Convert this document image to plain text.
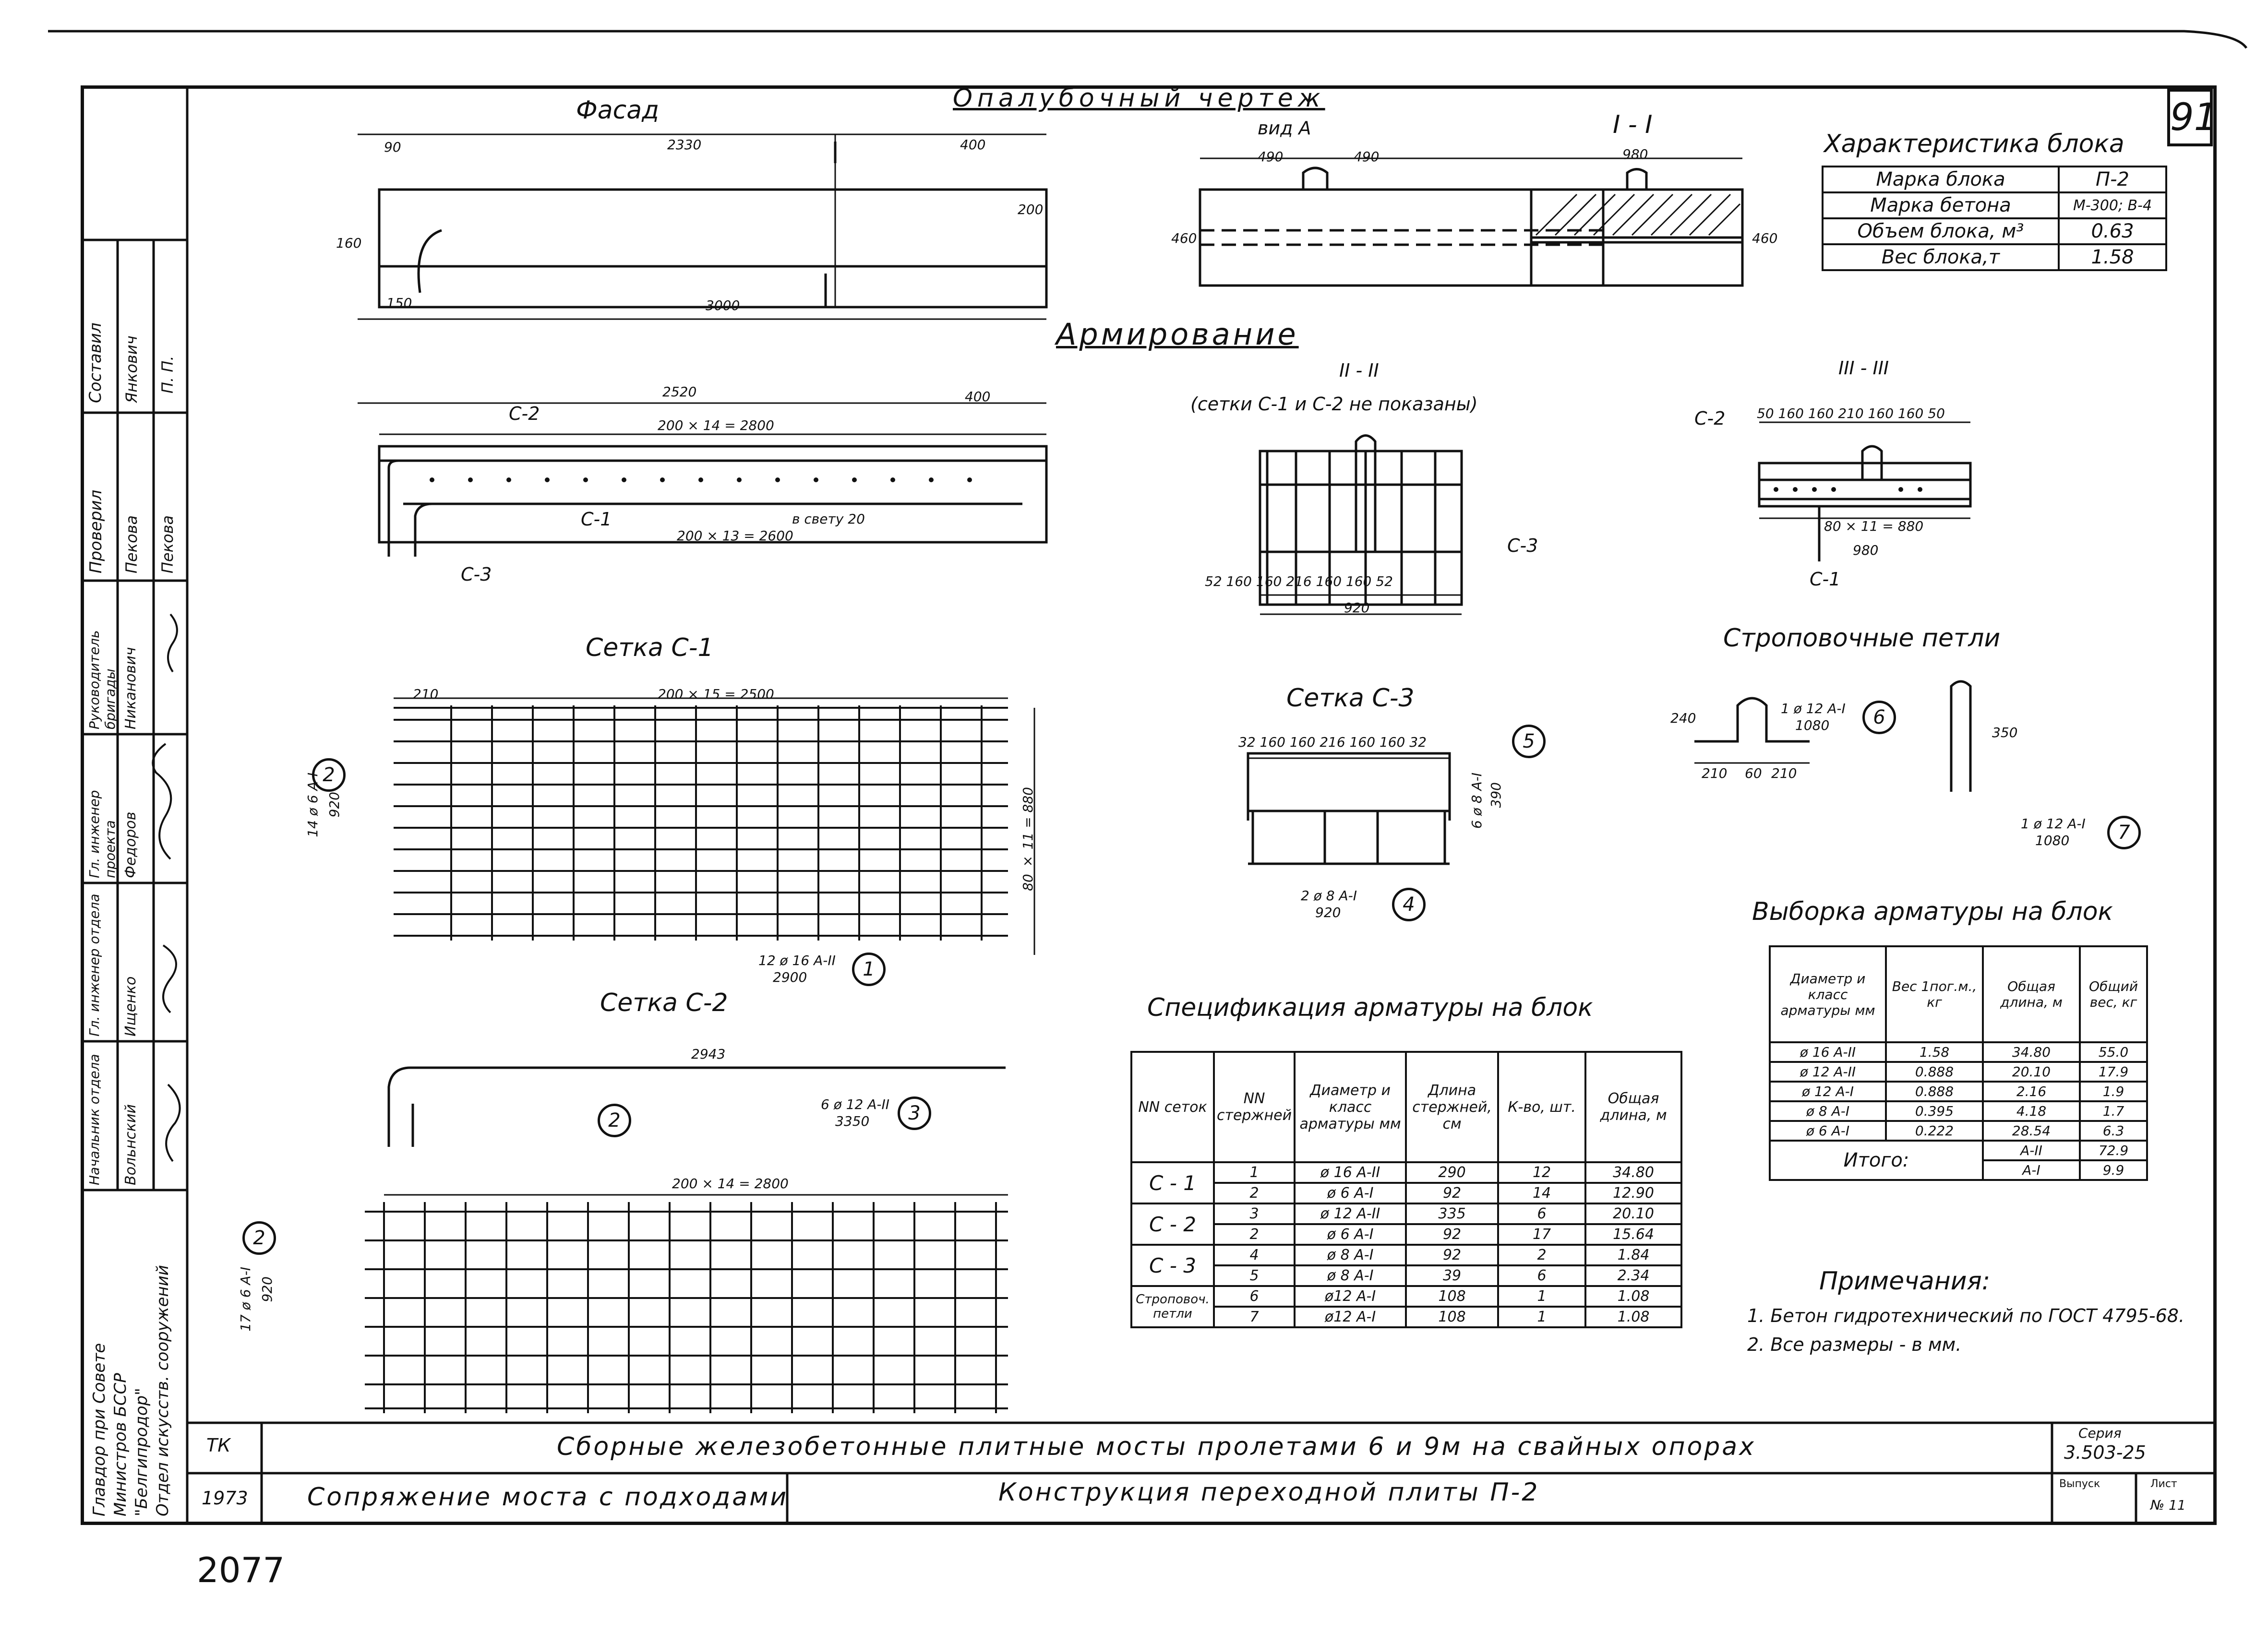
91
Фасад	Опалубочный чертеж
вид А	I - I
Армирование
II - II
(сетки С-1 и С-2 не показаны)
III - III
Сетка С-1
Сетка С-2
Сетка С-3
Строповочные петли
2330	400
90
3000
160
200
150
490	490
460
980
460
2520	400
200 × 14 = 2800
200 × 13 = 2600
в свету 20
С-2
С-1
С-3	52 160 160 216 160 160 52
920
С-3
50 160 160 210 160 160 50
80 × 11 = 880
980
С-2
С-1
200 × 15 = 2500
210
80 × 11 = 880
12 ø 16 А-II
2900
14 ø 6 А-I 920
1
2
2943
200 × 14 = 2800
6 ø 12 А-II
3350
17 ø 6 А-I 920
3
2
2
32 160 160 216 160 160 32
6 ø 8 А-I 390
2 ø 8 А-I
920
5
4
1 ø 12 А-I
1080	6
1 ø 12 А-I
1080	7
240
210 60 210
350
Характеристика блока
Марка блока	П-2
Марка бетона	М-300; В-4
Объем блока, м³	0.63
Вес блока,т	1.58
Спецификация арматуры на блок
NN сеток	NN стержней	Диаметр и класс арматуры мм	Длина стержней, см	К-во, шт.	Общая длина, м
С - 1	1	ø 16 А-II	290	12	34.80
	2	ø 6 А-I	92	14	12.90
С - 2	3	ø 12 А-II	335	6	20.10
	2	ø 6 А-I	92	17	15.64
С - 3	4	ø 8 А-I	92	2	1.84
	5	ø 8 А-I	39	6	2.34
Строповоч. петли	6	ø12 А-I	108	1	1.08
	7	ø12 А-I	108	1	1.08
Выборка арматуры на блок
Диаметр и класс арматуры мм	Вес 1пог.м., кг	Общая длина, м	Общий вес, кг
ø 16 А-II	1.58	34.80	55.0
ø 12 А-II	0.888	20.10	17.9
ø 12 А-I	0.888	2.16	1.9
ø 8 А-I	0.395	4.18	1.7
ø 6 А-I	0.222	28.54	6.3
Итого:		А-II	72.9
		А-I	9.9
Примечания:
1. Бетон гидротехнический по ГОСТ 4795-68.
2. Все размеры - в мм.
ТК
1973
Сборные железобетонные плитные мосты пролетами 6 и 9м на свайных опорах
Сопряжение моста с подходами	Конструкция переходной плиты П-2
Серия
3.503-25
Выпуск	Лист
№ 11
2077
Главдор при Совете Министров БССР "Белгипродор" Отдел искусств. сооружений
Составил Янкович П. П.
Проверил Пекова Пекова
Руководитель бригады Никанович
Гл. инженер проекта Федоров
Гл. инженер отдела Ищенко
Начальник отдела Вольнский
